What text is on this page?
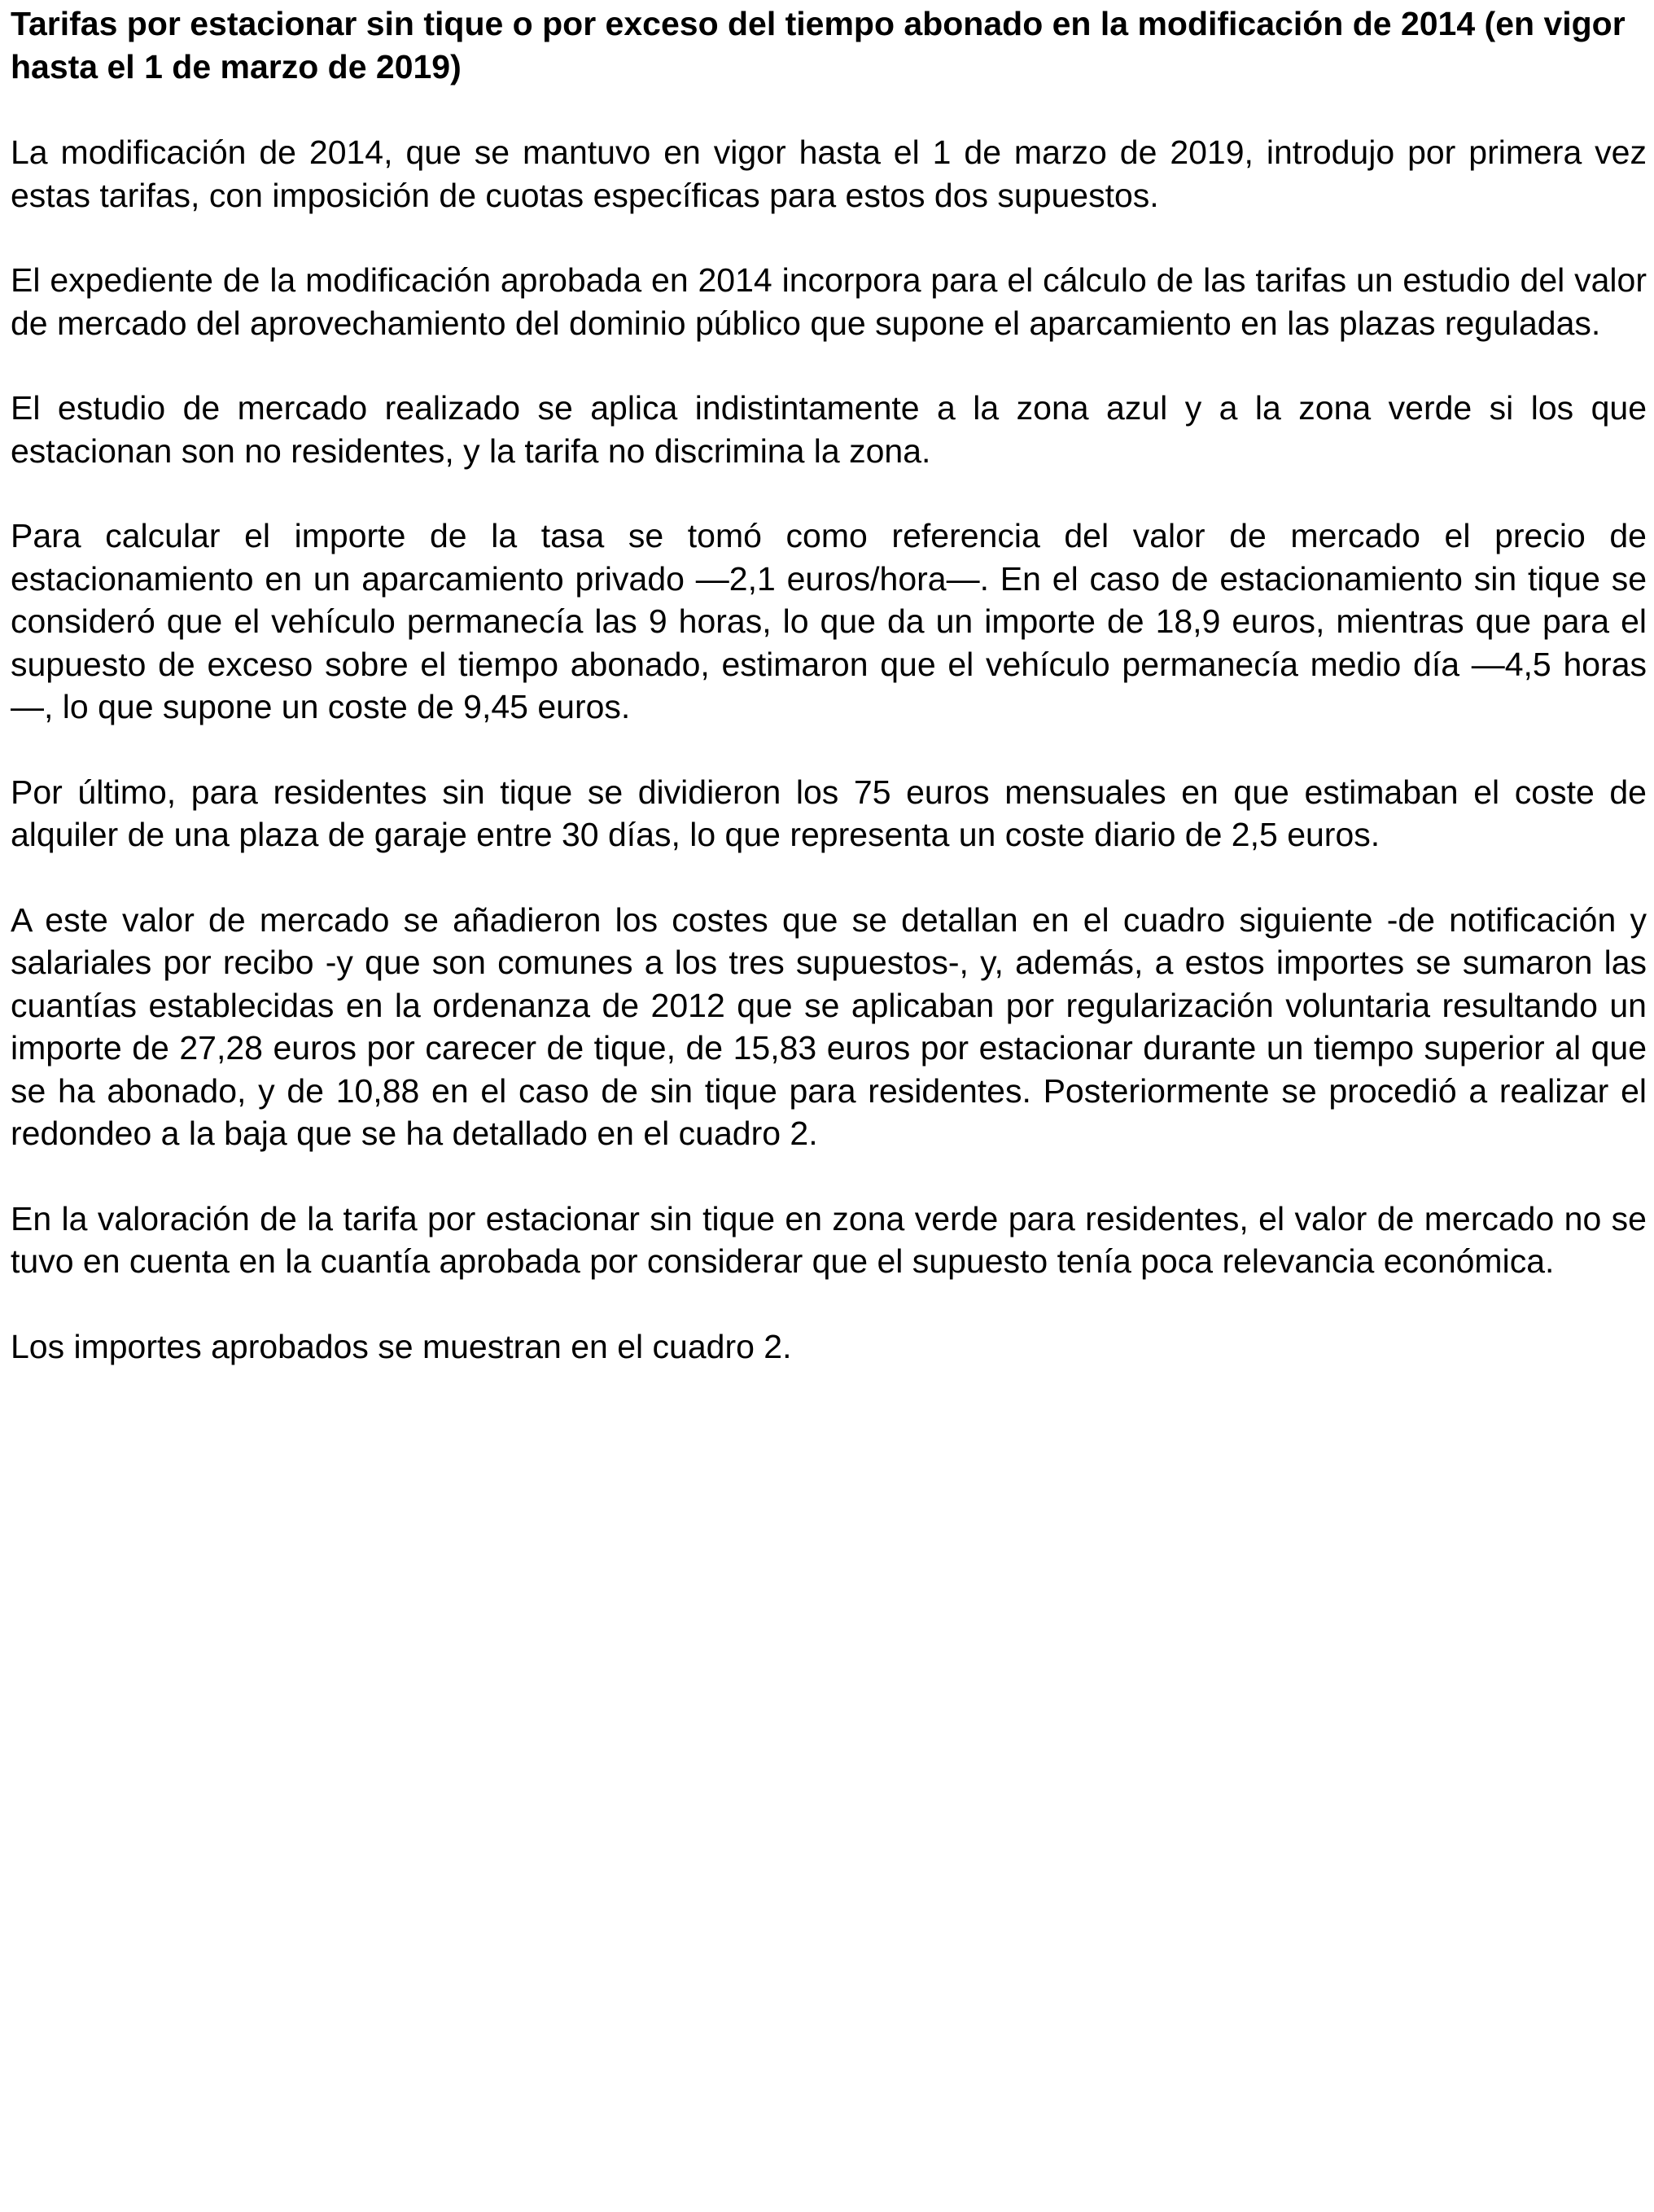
Tarifas por estacionar sin tique o por exceso del tiempo abonado en la modificación de 2014 (en vigor hasta el 1 de marzo de 2019)

La modificación de 2014, que se mantuvo en vigor hasta el 1 de marzo de 2019, introdujo por primera vez estas tarifas, con imposición de cuotas específicas para estos dos supuestos.

El expediente de la modificación aprobada en 2014 incorpora para el cálculo de las tarifas un estudio del valor de mercado del aprovechamiento del dominio público que supone el aparcamiento en las plazas reguladas.

El estudio de mercado realizado se aplica indistintamente a la zona azul y a la zona verde si los que estacionan son no residentes, y la tarifa no discrimina la zona.

Para calcular el importe de la tasa se tomó como referencia del valor de mercado el precio de estacionamiento en un aparcamiento privado —2,1 euros/hora—. En el caso de estacionamiento sin tique se consideró que el vehículo permanecía las 9 horas, lo que da un importe de 18,9 euros, mientras que para el supuesto de exceso sobre el tiempo abonado, estimaron que el vehículo permanecía medio día —4,5 horas—, lo que supone un coste de 9,45 euros.

Por último, para residentes sin tique se dividieron los 75 euros mensuales en que estimaban el coste de alquiler de una plaza de garaje entre 30 días, lo que representa un coste diario de 2,5 euros.

A este valor de mercado se añadieron los costes que se detallan en el cuadro siguiente -de notificación y salariales por recibo -y que son comunes a los tres supuestos-, y, además, a estos importes se sumaron las cuantías establecidas en la ordenanza de 2012 que se aplicaban por regularización voluntaria resultando un importe de 27,28 euros por carecer de tique, de 15,83 euros por estacionar durante un tiempo superior al que se ha abonado, y de 10,88 en el caso de sin tique para residentes. Posteriormente se procedió a realizar el redondeo a la baja que se ha detallado en el cuadro 2.

En la valoración de la tarifa por estacionar sin tique en zona verde para residentes, el valor de mercado no se tuvo en cuenta en la cuantía aprobada por considerar que el supuesto tenía poca relevancia económica.

Los importes aprobados se muestran en el cuadro 2.
